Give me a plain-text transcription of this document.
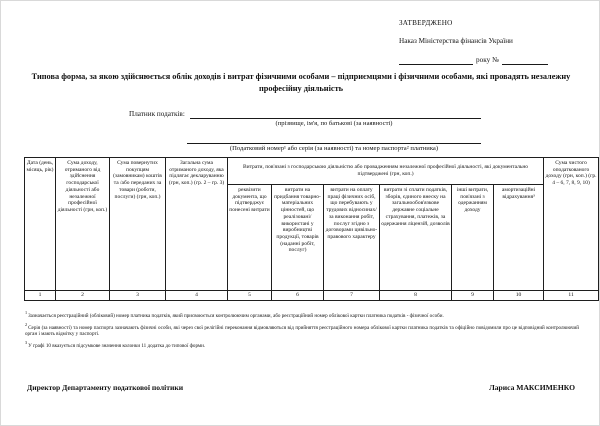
ЗАТВЕРДЖЕНО
Наказ Міністерства фінансів України
року №
Типова форма, за якою здійснюється облік доходів і витрат фізичними особами – підприємцями і фізичними особами, які провадять незалежну професійну діяльність
Платник податків:
(прізвище, ім'я, по батькові (за наявності)
(Податковий номер¹ або серія (за наявності) та номер паспорта² платника)
Дата (день, місяць, рік)	Сума доходу, отриманого від здійснення господарської діяльності або незалежної професійної діяльності (грн, коп.)	Сума повернутих покупцям (замовникам) коштів та /або переданих за товари (роботи, послуги) (грн, коп.)	Загальна сума отриманого доходу, яка підлягає декларуванню (грн, коп.) (гр. 2 – гр. 3)	Витрати, пов'язані з господарською діяльністю або провадженням незалежної професійної діяльності, які документально підтверджені (грн, коп.)						Сума чистого оподаткованого доходу (грн, коп.) (гр. 4 – 6, 7, 8, 9, 10)
				реквізити документа, що підтверджує понесені витрати	витрати на придбання товарно-матеріальних цінностей, що реалізовані/ використані у виробництві продукції, товарів (наданні робіт, послуг)	витрати на оплату праці фізичних осіб, що перебувають у трудових відносинах/за виконання робіт, послуг згідно з договорами цивільно-правового характеру	витрати зі сплати податків, зборів, єдиного внеску на загальнообов'язкове державне соціальне страхування, платежів, за одержання ліцензій, дозволів	інші витрати, пов'язані з одержанням доходу	амортизаційні відрахування³	
1	2	3	4	5	6	7	8	9	10	11
$^1$Зазначається реєстраційний (обліковий) номер платника податків, який присвоюється контролюючим органами, або реєстраційний номер облікової картки платника податків - фізичної особи.
$^2$Серія (за наявності) та номер паспорта зазначають фізичні особи, які через свої релігійні переконання відмовляються від прийняття реєстраційного номера облікової картки платника податків та офіційно повідомили про це відповідний контролюючий орган і мають відмітку у паспорті.
$^3$У графі 10 вказується підсумкове значення колонки 11 додатка до типової форми.
Директор Департаменту податкової політики	Лариса МАКСИМЕНКО
